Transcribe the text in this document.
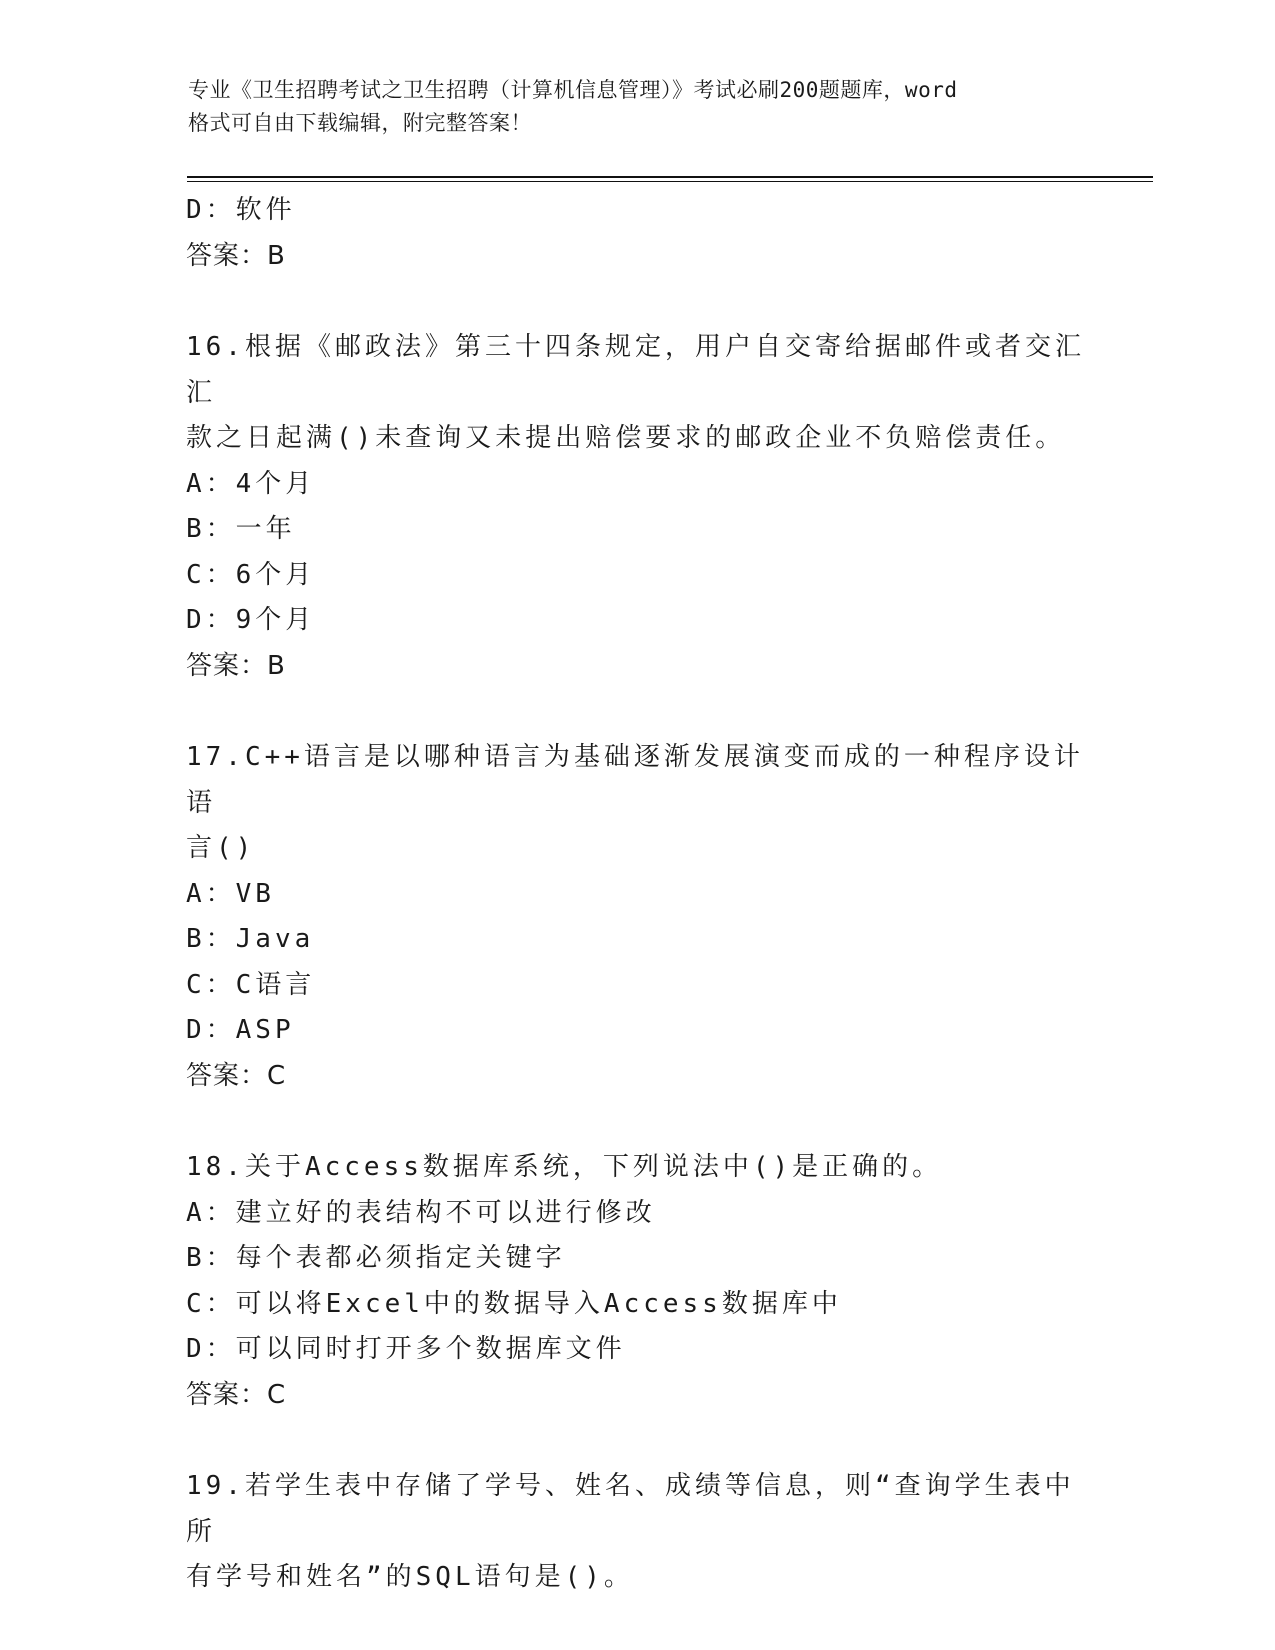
专业《卫生招聘考试之卫生招聘（计算机信息管理）》考试必刷200题题库，word
格式可自由下载编辑，附完整答案！
D：软件
答案：B
16.根据《邮政法》第三十四条规定，用户自交寄给据邮件或者交汇汇
款之日起满()未查询又未提出赔偿要求的邮政企业不负赔偿责任。
A：4个月
B：一年
C：6个月
D：9个月
答案：B
17.C++语言是以哪种语言为基础逐渐发展演变而成的一种程序设计语
言()
A：VB
B：Java
C：C语言
D：ASP
答案：C
18.关于Access数据库系统，下列说法中()是正确的。
A：建立好的表结构不可以进行修改
B：每个表都必须指定关键字
C：可以将Excel中的数据导入Access数据库中
D：可以同时打开多个数据库文件
答案：C
19.若学生表中存储了学号、姓名、成绩等信息，则“查询学生表中所
有学号和姓名”的SQL语句是()。
